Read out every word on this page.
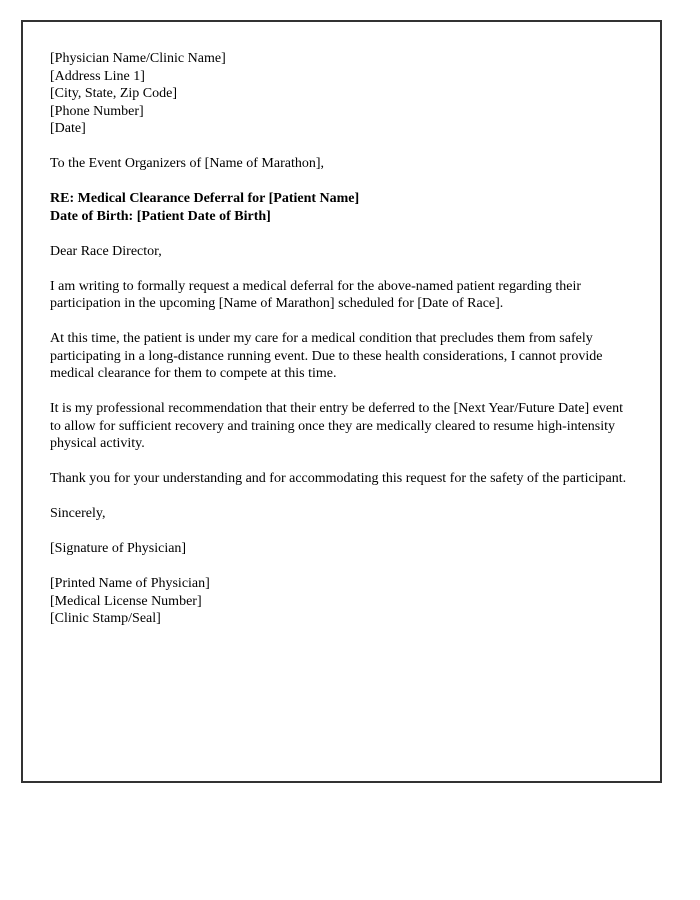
[Physician Name/Clinic Name]
[Address Line 1]
[City, State, Zip Code]
[Phone Number]
[Date]

To the Event Organizers of [Name of Marathon],

RE: Medical Clearance Deferral for [Patient Name]
Date of Birth: [Patient Date of Birth]

Dear Race Director,

I am writing to formally request a medical deferral for the above-named patient regarding their participation in the upcoming [Name of Marathon] scheduled for [Date of Race].

At this time, the patient is under my care for a medical condition that precludes them from safely participating in a long-distance running event. Due to these health considerations, I cannot provide medical clearance for them to compete at this time.

It is my professional recommendation that their entry be deferred to the [Next Year/Future Date] event to allow for sufficient recovery and training once they are medically cleared to resume high-intensity physical activity.

Thank you for your understanding and for accommodating this request for the safety of the participant.

Sincerely,

[Signature of Physician]

[Printed Name of Physician]
[Medical License Number]
[Clinic Stamp/Seal]
